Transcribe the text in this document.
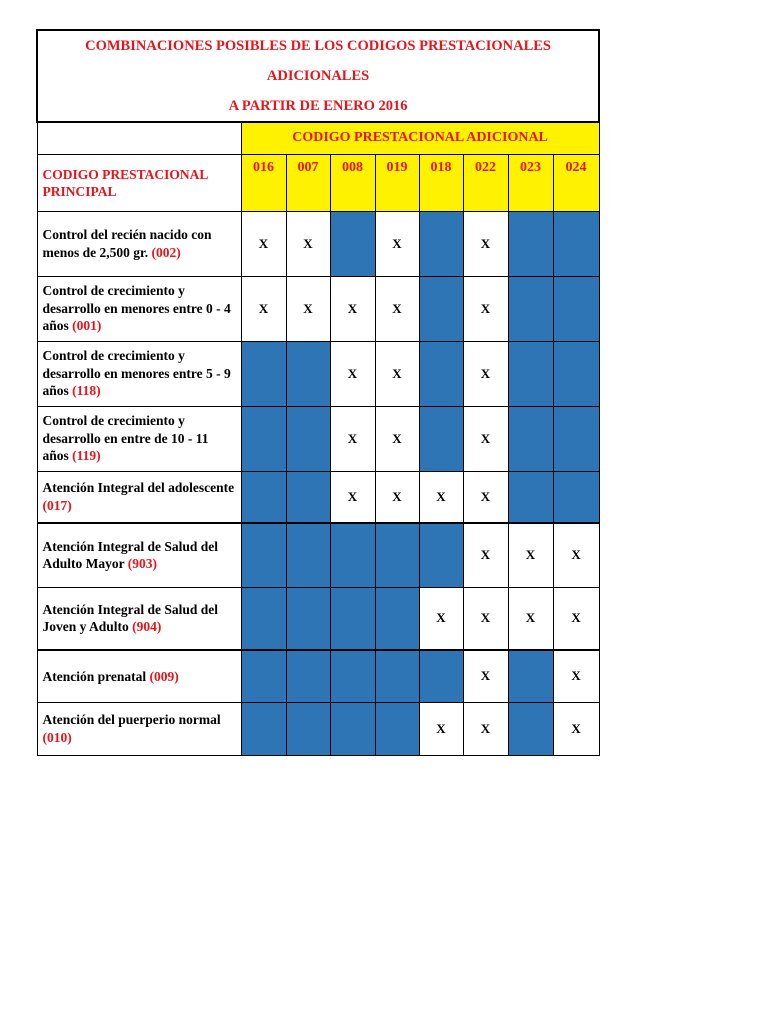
COMBINACIONES POSIBLES DE LOS CODIGOS PRESTACIONALES ADICIONALES
A PARTIR DE ENERO 2016								

	CODIGO PRESTACIONAL ADICIONAL							
CODIGO PRESTACIONAL PRINCIPAL	016	007	008	019	018	022	023	024
Control del recién nacido con menos de 2,500 gr. (002)	X	X		X		X		
Control de crecimiento y desarrollo en menores entre 0 - 4 años (001)	X	X	X	X		X		
Control de crecimiento y desarrollo en menores entre 5 - 9 años (118)			X	X		X		
Control de crecimiento y desarrollo en entre de 10 - 11 años (119)			X	X		X		
Atención Integral del adolescente (017)			X	X	X	X		
Atención Integral de Salud del Adulto Mayor (903)						X	X	X
Atención Integral de Salud del Joven y Adulto (904)					X	X	X	X
Atención prenatal (009)						X		X
Atención del puerperio normal (010)					X	X		X
